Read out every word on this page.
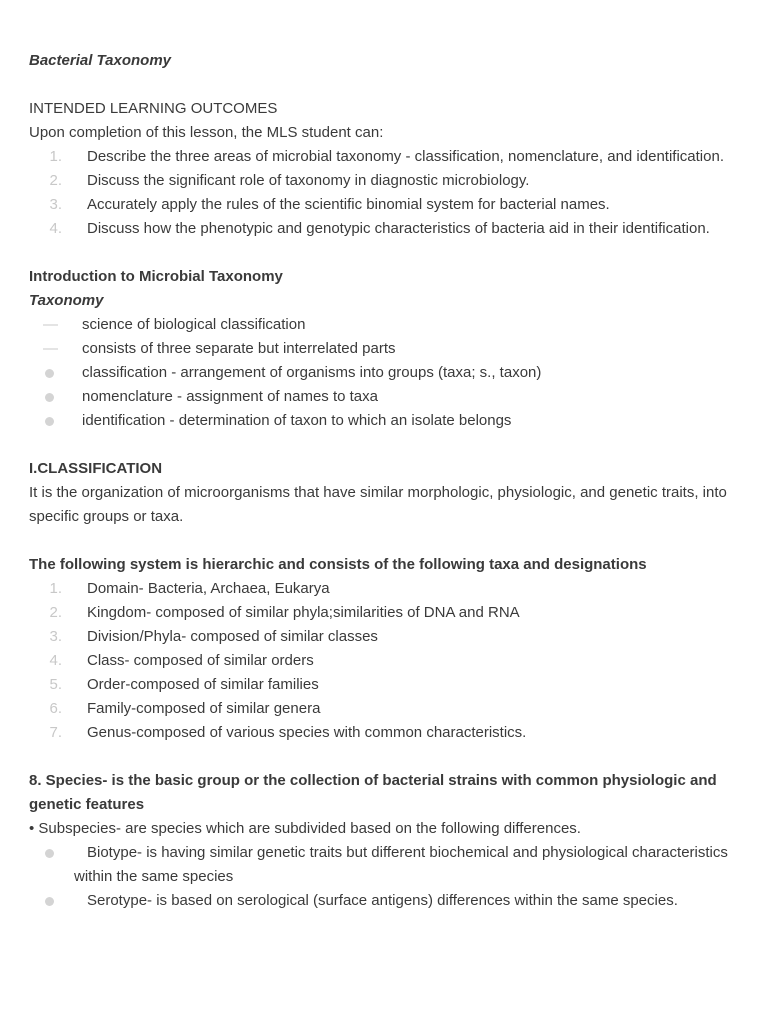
Bacterial Taxonomy
INTENDED LEARNING OUTCOMES
Upon completion of this lesson, the MLS student can:
1. Describe the three areas of microbial taxonomy - classification, nomenclature, and identification.
2. Discuss the significant role of taxonomy in diagnostic microbiology.
3. Accurately apply the rules of the scientific binomial system for bacterial names.
4. Discuss how the phenotypic and genotypic characteristics of bacteria aid in their identification.
Introduction to Microbial Taxonomy
Taxonomy
— science of biological classification
— consists of three separate but interrelated parts
classification - arrangement of organisms into groups (taxa; s., taxon)
nomenclature - assignment of names to taxa
identification - determination of taxon to which an isolate belongs
I.CLASSIFICATION
It is the organization of microorganisms that have similar morphologic, physiologic, and genetic traits, into specific groups or taxa.
The following system is hierarchic and consists of the following taxa and designations
1. Domain- Bacteria, Archaea, Eukarya
2. Kingdom- composed of similar phyla;similarities of DNA and RNA
3. Division/Phyla- composed of similar classes
4. Class- composed of similar orders
5. Order-composed of similar families
6. Family-composed of similar genera
7. Genus-composed of various species with common characteristics.
8. Species- is the basic group or the collection of bacterial strains with common physiologic and genetic features
• Subspecies- are species which are subdivided based on the following differences.
Biotype- is having similar genetic traits but different biochemical and physiological characteristics within the same species
Serotype- is based on serological (surface antigens) differences within the same species.
